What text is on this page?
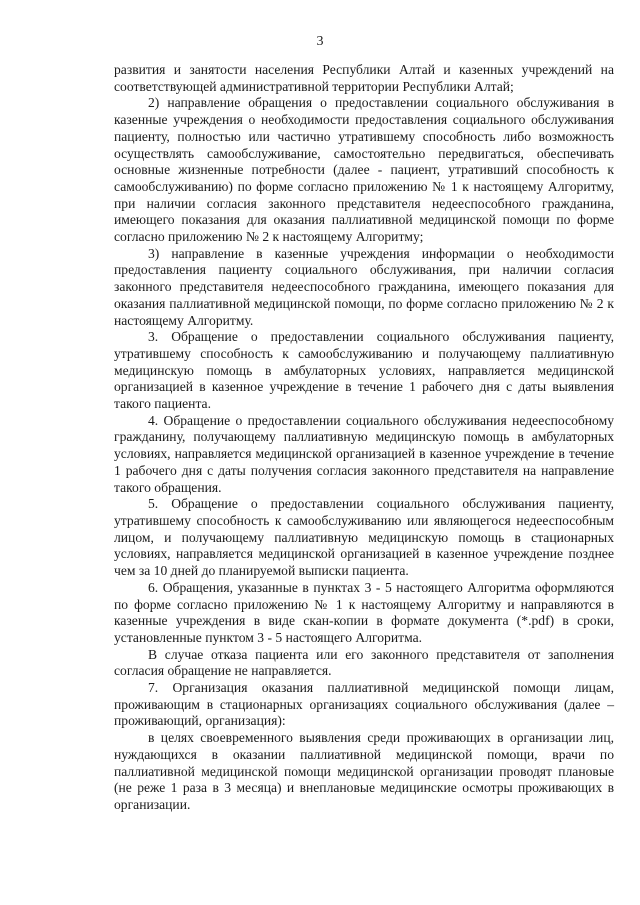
3

развития и занятости населения Республики Алтай и казенных учреждений на соответствующей административной территории Республики Алтай;

2) направление обращения о предоставлении социального обслуживания в казенные учреждения о необходимости предоставления социального обслуживания пациенту, полностью или частично утратившему способность либо возможность осуществлять самообслуживание, самостоятельно передвигаться, обеспечивать основные жизненные потребности (далее - пациент, утративший способность к самообслуживанию) по форме согласно приложению № 1 к настоящему Алгоритму, при наличии согласия законного представителя недееспособного гражданина, имеющего показания для оказания паллиативной медицинской помощи по форме согласно приложению № 2 к настоящему Алгоритму;

3) направление в казенные учреждения информации о необходимости предоставления пациенту социального обслуживания, при наличии согласия законного представителя недееспособного гражданина, имеющего показания для оказания паллиативной медицинской помощи, по форме согласно приложению № 2 к настоящему Алгоритму.

3. Обращение о предоставлении социального обслуживания пациенту, утратившему способность к самообслуживанию и получающему паллиативную медицинскую помощь в амбулаторных условиях, направляется медицинской организацией в казенное учреждение в течение 1 рабочего дня с даты выявления такого пациента.

4. Обращение о предоставлении социального обслуживания недееспособному гражданину, получающему паллиативную медицинскую помощь в амбулаторных условиях, направляется медицинской организацией в казенное учреждение в течение 1 рабочего дня с даты получения согласия законного представителя на направление такого обращения.

5. Обращение о предоставлении социального обслуживания пациенту, утратившему способность к самообслуживанию или являющегося недееспособным лицом, и получающему паллиативную медицинскую помощь в стационарных условиях, направляется медицинской организацией в казенное учреждение позднее чем за 10 дней до планируемой выписки пациента.

6. Обращения, указанные в пунктах 3 - 5 настоящего Алгоритма оформляются по форме согласно приложению № 1 к настоящему Алгоритму и направляются в казенные учреждения в виде скан-копии в формате документа (*.pdf) в сроки, установленные пунктом 3 - 5 настоящего Алгоритма.

В случае отказа пациента или его законного представителя от заполнения согласия обращение не направляется.

7. Организация оказания паллиативной медицинской помощи лицам, проживающим в стационарных организациях социального обслуживания (далее – проживающий, организация):

в целях своевременного выявления среди проживающих в организации лиц, нуждающихся в оказании паллиативной медицинской помощи, врачи по паллиативной медицинской помощи медицинской организации проводят плановые (не реже 1 раза в 3 месяца) и внеплановые медицинские осмотры проживающих в организации.
